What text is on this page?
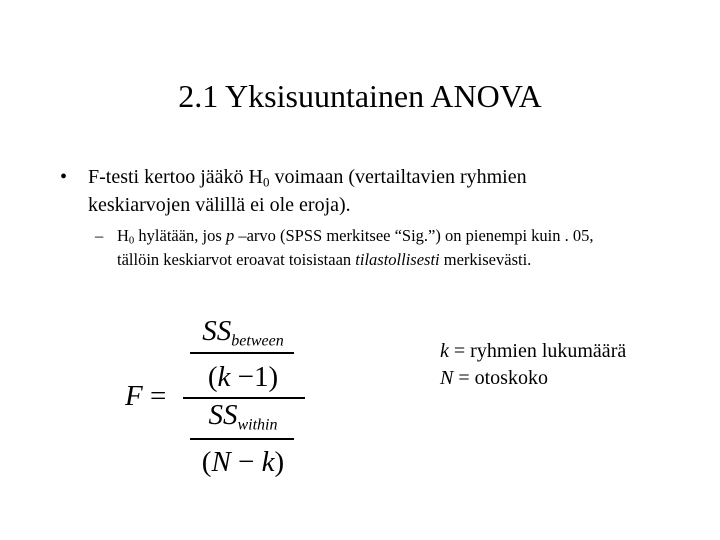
2.1 Yksisuuntainen ANOVA
• F-testi kertoo jääkö $H_0$ voimaan (vertailtavien ryhmien
keskiarvojen välillä ei ole eroja).
– $H_0$ hylätään, jos p –arvo (SPSS merkitsee “Sig.”) on pienempi kuin . 05,
tällöin keskiarvot eroavat toisistaan tilastollisesti merkisevästi.
F =
SSbetween
(k −1)
SSwithin
(N − k)
k = ryhmien lukumäärä
N = otoskoko
